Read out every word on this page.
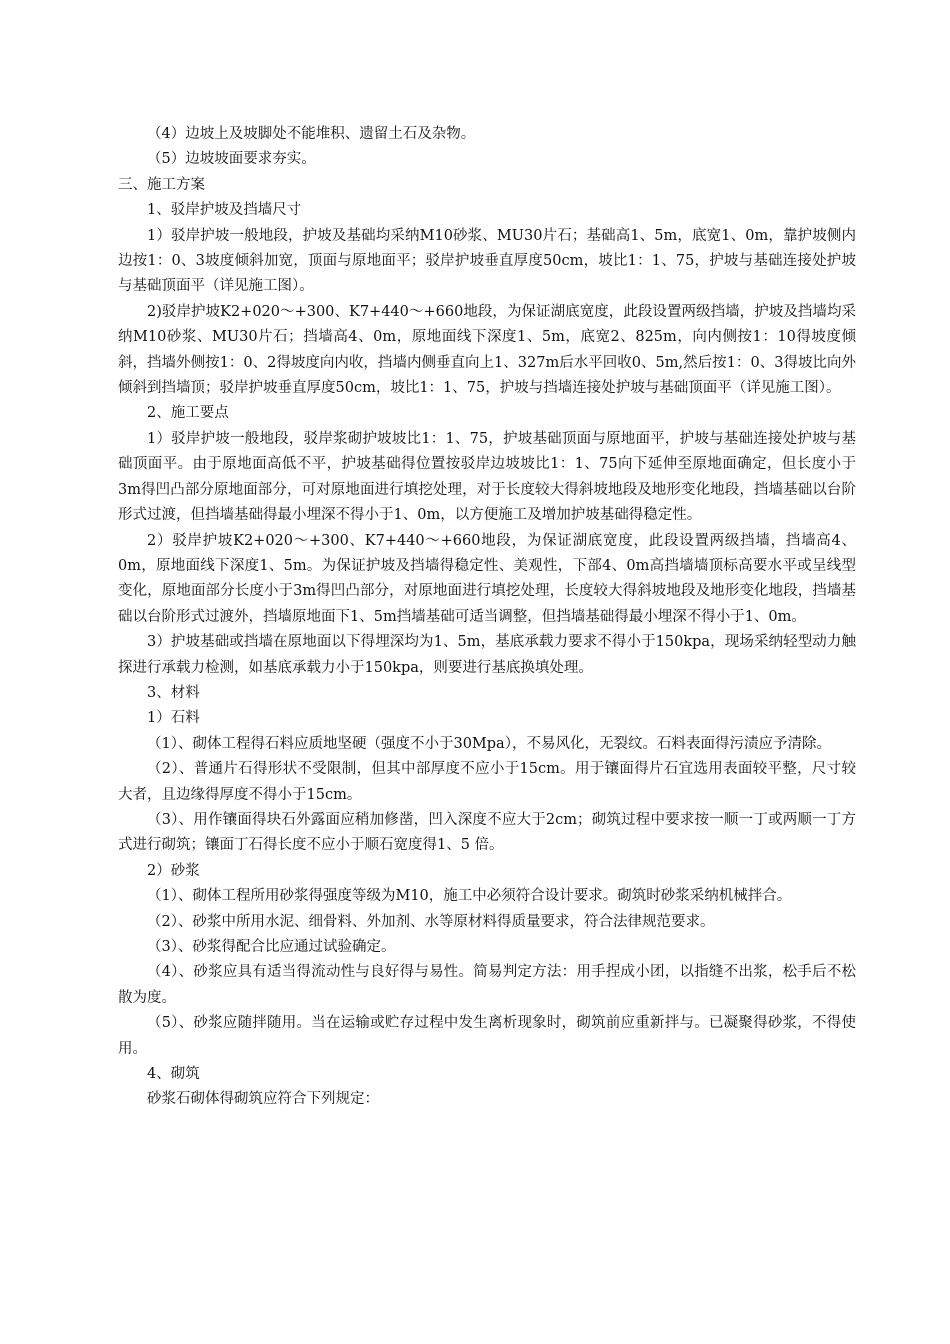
（4）边坡上及坡脚处不能堆积、遗留土石及杂物。

（5）边坡坡面要求夯实。

三、施工方案

1、驳岸护坡及挡墙尺寸

1）驳岸护坡一般地段，护坡及基础均采纳M10砂浆、MU30片石；基础高1、5m，底宽1、0m，靠护坡侧内边按1：0、3坡度倾斜加宽，顶面与原地面平；驳岸护坡垂直厚度50cm，坡比1：1、75，护坡与基础连接处护坡与基础顶面平（详见施工图）。

2)驳岸护坡K2+020～+300、K7+440～+660地段，为保证湖底宽度，此段设置两级挡墙，护坡及挡墙均采纳M10砂浆、MU30片石；挡墙高4、0m，原地面线下深度1、5m，底宽2、825m，向内侧按1：10得坡度倾斜，挡墙外侧按1：0、2得坡度向内收，挡墙内侧垂直向上1、327m后水平回收0、5m,然后按1：0、3得坡比向外倾斜到挡墙顶；驳岸护坡垂直厚度50cm，坡比1：1、75，护坡与挡墙连接处护坡与基础顶面平（详见施工图）。

2、施工要点

1）驳岸护坡一般地段，驳岸浆砌护坡坡比1：1、75，护坡基础顶面与原地面平，护坡与基础连接处护坡与基础顶面平。由于原地面高低不平，护坡基础得位置按驳岸边坡坡比1：1、75向下延伸至原地面确定，但长度小于3m得凹凸部分原地面部分，可对原地面进行填挖处理，对于长度较大得斜坡地段及地形变化地段，挡墙基础以台阶形式过渡，但挡墙基础得最小埋深不得小于1、0m，以方便施工及增加护坡基础得稳定性。

2）驳岸护坡K2+020～+300、K7+440～+660地段，为保证湖底宽度，此段设置两级挡墙，挡墙高4、0m，原地面线下深度1、5m。为保证护坡及挡墙得稳定性、美观性，下部4、0m高挡墙墙顶标高要水平或呈线型变化，原地面部分长度小于3m得凹凸部分，对原地面进行填挖处理，长度较大得斜坡地段及地形变化地段，挡墙基础以台阶形式过渡外，挡墙原地面下1、5m挡墙基础可适当调整，但挡墙基础得最小埋深不得小于1、0m。

3）护坡基础或挡墙在原地面以下得埋深均为1、5m，基底承载力要求不得小于150kpa，现场采纳轻型动力触探进行承载力检测，如基底承载力小于150kpa，则要进行基底换填处理。

3、材料

1）石料

（1）、砌体工程得石料应质地坚硬（强度不小于30Mpa），不易风化，无裂纹。石料表面得污渍应予清除。

（2）、普通片石得形状不受限制，但其中部厚度不应小于15cm。用于镶面得片石宜选用表面较平整，尺寸较大者，且边缘得厚度不得小于15cm。

（3）、用作镶面得块石外露面应稍加修凿，凹入深度不应大于2cm；砌筑过程中要求按一顺一丁或两顺一丁方式进行砌筑；镶面丁石得长度不应小于顺石宽度得1、5 倍。

2）砂浆

（1）、砌体工程所用砂浆得强度等级为M10，施工中必须符合设计要求。砌筑时砂浆采纳机械拌合。

（2）、砂浆中所用水泥、细骨料、外加剂、水等原材料得质量要求，符合法律规范要求。

（3）、砂浆得配合比应通过试验确定。

（4）、砂浆应具有适当得流动性与良好得与易性。简易判定方法：用手捏成小团，以指缝不出浆，松手后不松散为度。

（5）、砂浆应随拌随用。当在运输或贮存过程中发生离析现象时，砌筑前应重新拌与。已凝聚得砂浆，不得使用。

4、砌筑

砂浆石砌体得砌筑应符合下列规定：
